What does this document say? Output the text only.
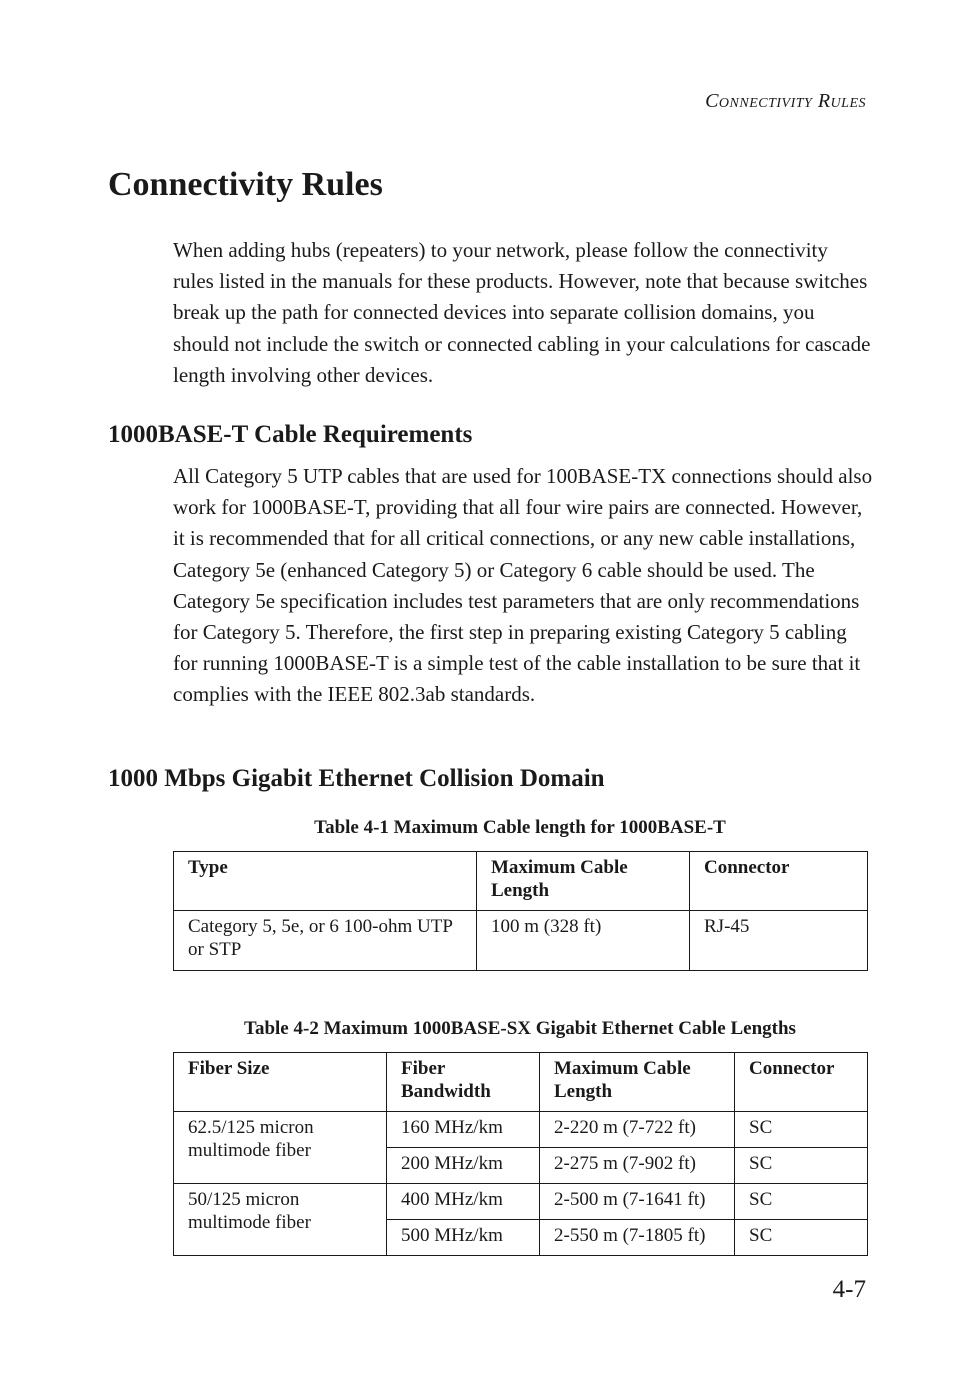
Connectivity Rules
Connectivity Rules

When adding hubs (repeaters) to your network, please follow the connectivity rules listed in the manuals for these products. However, note that because switches break up the path for connected devices into separate collision domains, you should not include the switch or connected cabling in your calculations for cascade length involving other devices.

1000BASE-T Cable Requirements

All Category 5 UTP cables that are used for 100BASE-TX connections should also work for 1000BASE-T, providing that all four wire pairs are connected. However, it is recommended that for all critical connections, or any new cable installations, Category 5e (enhanced Category 5) or Category 6 cable should be used. The Category 5e specification includes test parameters that are only recommendations for Category 5. Therefore, the first step in preparing existing Category 5 cabling for running 1000BASE-T is a simple test of the cable installation to be sure that it complies with the IEEE 802.3ab standards.

1000 Mbps Gigabit Ethernet Collision Domain
Table 4-1 Maximum Cable length for 1000BASE-T
Type	Maximum Cable Length	Connector
Category 5, 5e, or 6 100-ohm UTP or STP	100 m (328 ft)	RJ-45
Table 4-2 Maximum 1000BASE-SX Gigabit Ethernet Cable Lengths
Fiber Size	Fiber Bandwidth	Maximum Cable Length	Connector
62.5/125 micron multimode fiber	160 MHz/km	2-220 m (7-722 ft)	SC
	200 MHz/km	2-275 m (7-902 ft)	SC
50/125 micron multimode fiber	400 MHz/km	2-500 m (7-1641 ft)	SC
	500 MHz/km	2-550 m (7-1805 ft)	SC
4-7
